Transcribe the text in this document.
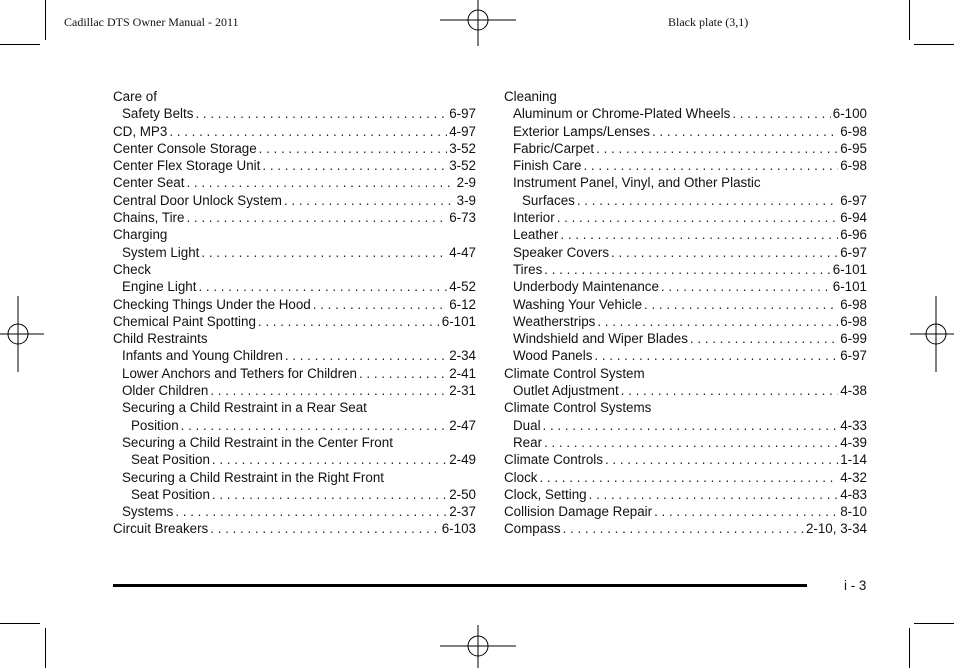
Cadillac DTS Owner Manual - 2011	Black plate (3,1)
Care of
Safety Belts . . .	6-97
CD, MP3 . . .	4-97
Center Console Storage . . .	3-52
Center Flex Storage Unit . . .	3-52
Center Seat . . .	2-9
Central Door Unlock System . . .	3-9
Chains, Tire . . .	6-73
Charging
System Light . . .	4-47
Check
Engine Light . . .	4-52
Checking Things Under the Hood . . .	6-12
Chemical Paint Spotting . . .	6-101
Child Restraints
Infants and Young Children . . .	2-34
Lower Anchors and Tethers for Children . . .	2-41
Older Children . . .	2-31
Securing a Child Restraint in a Rear Seat
Position . . .	2-47
Securing a Child Restraint in the Center Front
Seat Position . . .	2-49
Securing a Child Restraint in the Right Front
Seat Position . . .	2-50
Systems . . .	2-37
Circuit Breakers . . .	6-103
Cleaning
Aluminum or Chrome-Plated Wheels . . .	6-100
Exterior Lamps/Lenses . . .	6-98
Fabric/Carpet . . .	6-95
Finish Care . . .	6-98
Instrument Panel, Vinyl, and Other Plastic
Surfaces . . .	6-97
Interior . . .	6-94
Leather . . .	6-96
Speaker Covers . . .	6-97
Tires . . .	6-101
Underbody Maintenance . . .	6-101
Washing Your Vehicle . . .	6-98
Weatherstrips . . .	6-98
Windshield and Wiper Blades . . .	6-99
Wood Panels . . .	6-97
Climate Control System
Outlet Adjustment . . .	4-38
Climate Control Systems
Dual . . .	4-33
Rear . . .	4-39
Climate Controls . . .	1-14
Clock . . .	4-32
Clock, Setting . . .	4-83
Collision Damage Repair . . .	8-10
Compass . . .	2-10, 3-34
i - 3
